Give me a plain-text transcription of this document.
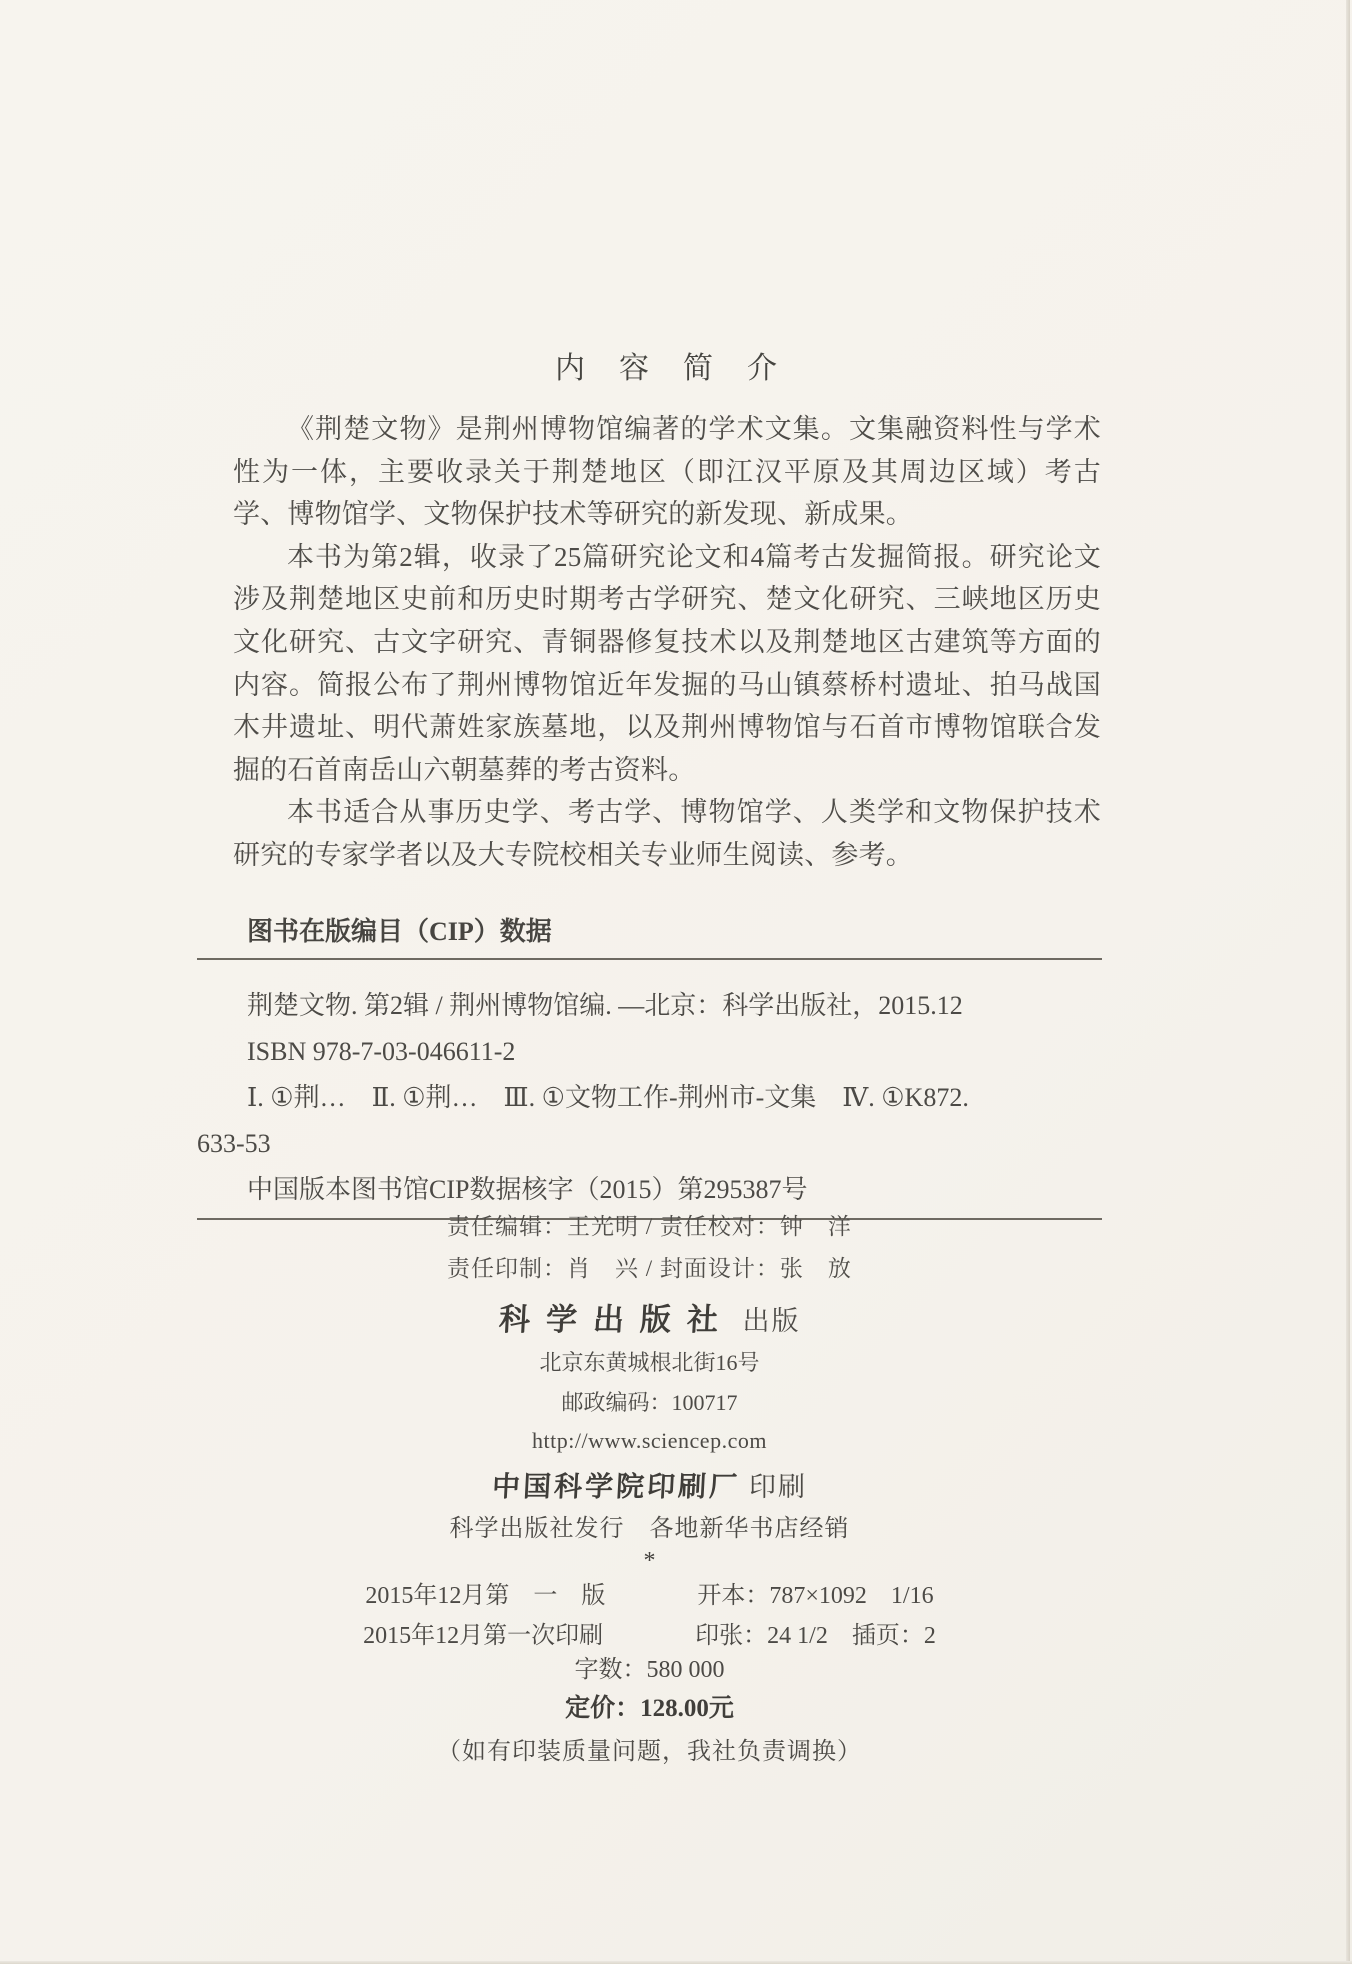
内　容　简　介

《荆楚文物》是荆州博物馆编著的学术文集。文集融资料性与学术性为一体，主要收录关于荆楚地区（即江汉平原及其周边区域）考古学、博物馆学、文物保护技术等研究的新发现、新成果。

本书为第2辑，收录了25篇研究论文和4篇考古发掘简报。研究论文涉及荆楚地区史前和历史时期考古学研究、楚文化研究、三峡地区历史文化研究、古文字研究、青铜器修复技术以及荆楚地区古建筑等方面的内容。简报公布了荆州博物馆近年发掘的马山镇蔡桥村遗址、拍马战国木井遗址、明代萧姓家族墓地，以及荆州博物馆与石首市博物馆联合发掘的石首南岳山六朝墓葬的考古资料。

本书适合从事历史学、考古学、博物馆学、人类学和文物保护技术研究的专家学者以及大专院校相关专业师生阅读、参考。

图书在版编目（CIP）数据
荆楚文物. 第2辑 / 荆州博物馆编. —北京：科学出版社，2015.12
ISBN 978-7-03-046611-2
Ⅰ. ①荆…　Ⅱ. ①荆…　Ⅲ. ①文物工作-荆州市-文集　Ⅳ. ①K872.
633-53
中国版本图书馆CIP数据核字（2015）第295387号
责任编辑：王光明 / 责任校对：钟　洋
责任印制：肖　兴 / 封面设计：张　放
科学出版社 出版
北京东黄城根北街16号
邮政编码：100717
http://www.sciencep.com
中国科学院印刷厂 印刷
科学出版社发行　各地新华书店经销
*
2015年12月第　一　版	开本：787×1092　1/16
2015年12月第一次印刷	印张：24 1/2　插页：2
字数：580 000
定价：128.00元
（如有印装质量问题，我社负责调换）
